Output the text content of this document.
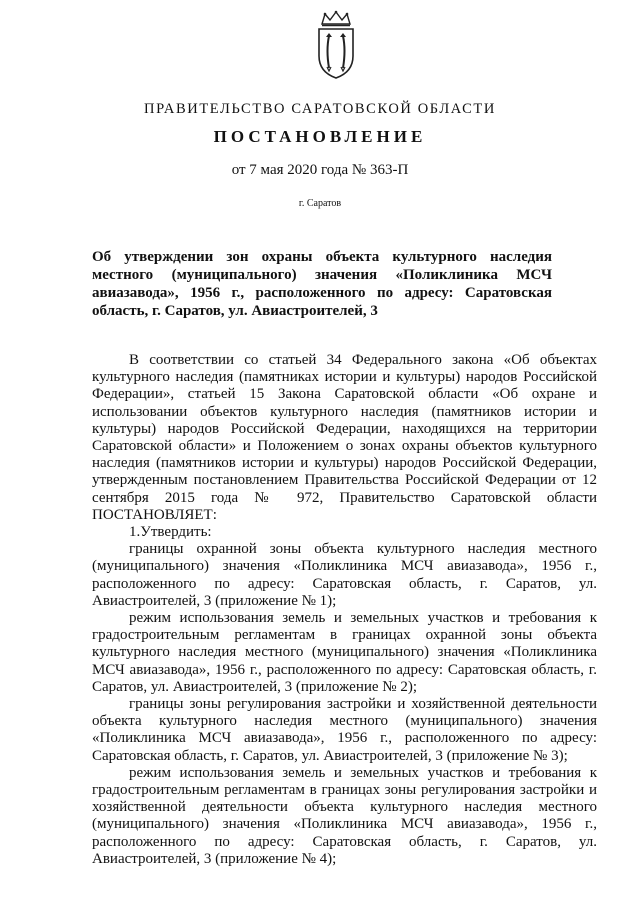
ПРАВИТЕЛЬСТВО САРАТОВСКОЙ ОБЛАСТИ
ПОСТАНОВЛЕНИЕ
от 7 мая 2020 года № 363-П
г. Саратов
Об утверждении зон охраны объекта культурного наследия местного (муниципального) значения «Поликлиника МСЧ авиазавода», 1956 г., расположенного по адресу: Саратовская область, г. Саратов, ул. Авиастроителей, 3

В соответствии со статьей 34 Федерального закона «Об объектах культурного наследия (памятниках истории и культуры) народов Российской Федерации», статьей 15 Закона Саратовской области «Об охране и использовании объектов культурного наследия (памятников истории и культуры) народов Российской Федерации, находящихся на территории Саратовской области» и Положением о зонах охраны объектов культурного наследия (памятников истории и культуры) народов Российской Федерации, утвержденным постановлением Правительства Российской Федерации от 12 сентября 2015 года № 972, Правительство Саратовской области ПОСТАНОВЛЯЕТ:

1.Утвердить:

границы охранной зоны объекта культурного наследия местного (муниципального) значения «Поликлиника МСЧ авиазавода», 1956 г., расположенного по адресу: Саратовская область, г. Саратов, ул. Авиастроителей, 3 (приложение № 1);

режим использования земель и земельных участков и требования к градостроительным регламентам в границах охранной зоны объекта культурного наследия местного (муниципального) значения «Поликлиника МСЧ авиазавода», 1956 г., расположенного по адресу: Саратовская область, г. Саратов, ул. Авиастроителей, 3 (приложение № 2);

границы зоны регулирования застройки и хозяйственной деятельности объекта культурного наследия местного (муниципального) значения «Поликлиника МСЧ авиазавода», 1956 г., расположенного по адресу: Саратовская область, г. Саратов, ул. Авиастроителей, 3 (приложение № 3);

режим использования земель и земельных участков и требования к градостроительным регламентам в границах зоны регулирования застройки и хозяйственной деятельности объекта культурного наследия местного (муниципального) значения «Поликлиника МСЧ авиазавода», 1956 г., расположенного по адресу: Саратовская область, г. Саратов, ул. Авиастроителей, 3 (приложение № 4);
